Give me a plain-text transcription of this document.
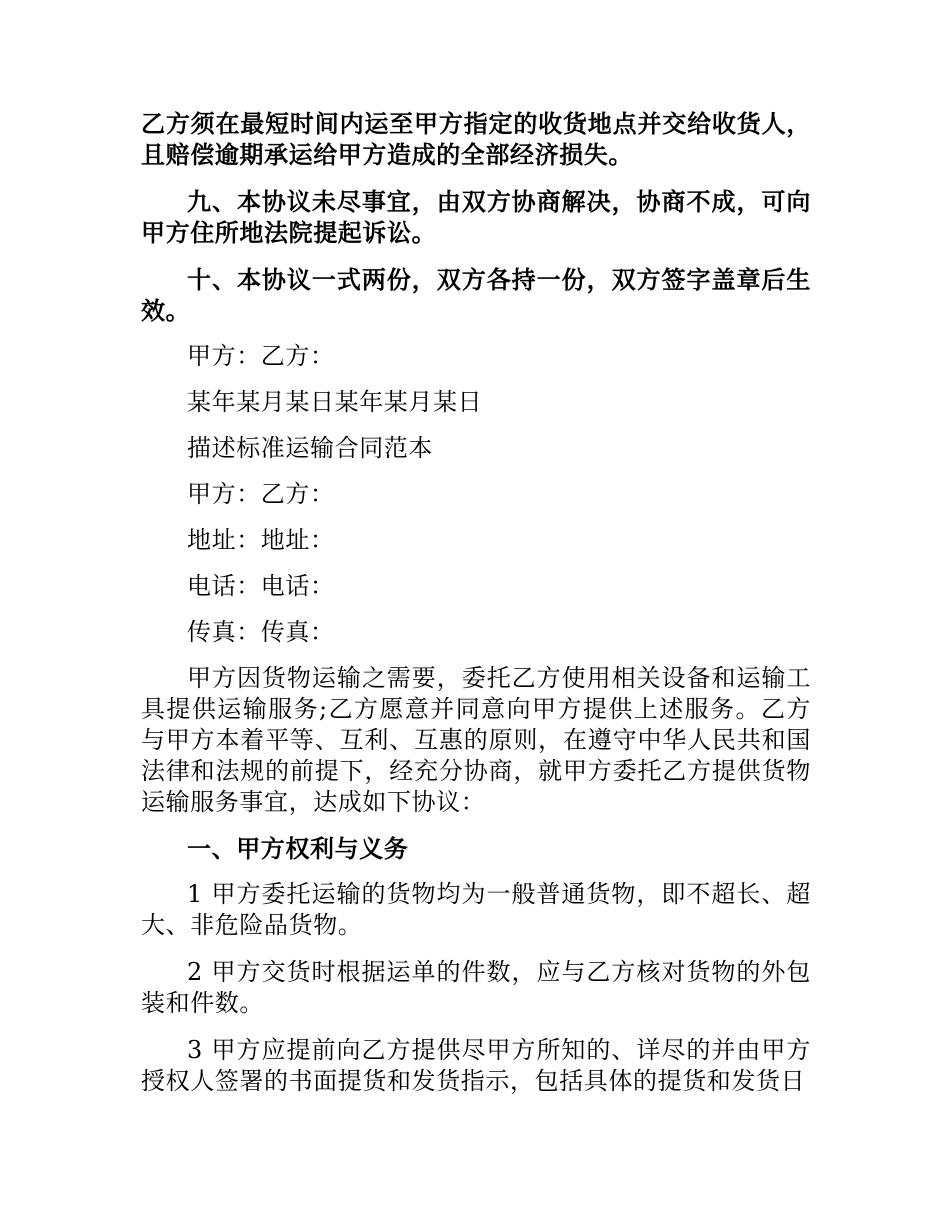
乙方须在最短时间内运至甲方指定的收货地点并交给收货人，且赔偿逾期承运给甲方造成的全部经济损失。

九、本协议未尽事宜，由双方协商解决，协商不成，可向甲方住所地法院提起诉讼。

十、本协议一式两份，双方各持一份，双方签字盖章后生效。

甲方：乙方：

某年某月某日某年某月某日

描述标准运输合同范本

甲方：乙方：

地址：地址：

电话：电话：

传真：传真：

甲方因货物运输之需要，委托乙方使用相关设备和运输工具提供运输服务;乙方愿意并同意向甲方提供上述服务。乙方与甲方本着平等、互利、互惠的原则，在遵守中华人民共和国法律和法规的前提下，经充分协商，就甲方委托乙方提供货物运输服务事宜，达成如下协议：

一、甲方权利与义务

1 甲方委托运输的货物均为一般普通货物，即不超长、超大、非危险品货物。

2 甲方交货时根据运单的件数，应与乙方核对货物的外包装和件数。

3 甲方应提前向乙方提供尽甲方所知的、详尽的并由甲方授权人签署的书面提货和发货指示，包括具体的提货和发货日
